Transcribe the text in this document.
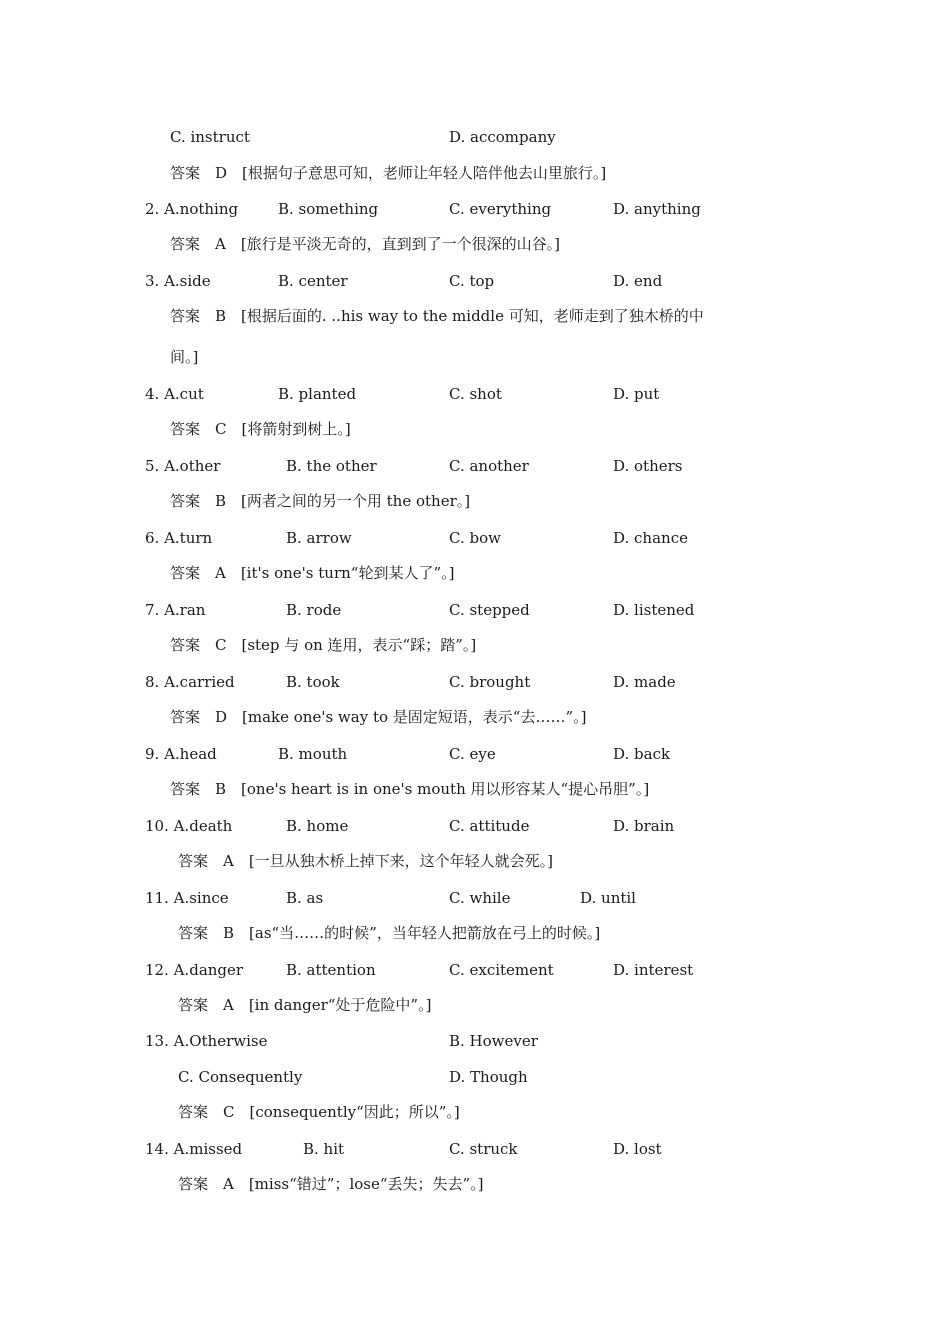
C. instruct	D. accompany
答案　D　[根据句子意思可知，老师让年轻人陪伴他去山里旅行。]
2. A.nothing	B. something	C. everything	D. anything
答案　A　[旅行是平淡无奇的，直到到了一个很深的山谷。]
3. A.side	B. center	C. top	D. end
答案　B　[根据后面的. ..his way to the middle 可知，老师走到了独木桥的中
间。]
4. A.cut	B. planted	C. shot	D. put
答案　C　[将箭射到树上。]
5. A.other	B. the other	C. another	D. others
答案　B　[两者之间的另一个用 the other。]
6. A.turn	B. arrow	C. bow	D. chance
答案　A　[it's one's turn“轮到某人了”。]
7. A.ran	B. rode	C. stepped	D. listened
答案　C　[step 与 on 连用，表示“踩；踏”。]
8. A.carried	B. took	C. brought	D. made
答案　D　[make one's way to 是固定短语，表示“去……”。]
9. A.head	B. mouth	C. eye	D. back
答案　B　[one's heart is in one's mouth 用以形容某人“提心吊胆”。]
10. A.death	B. home	C. attitude	D. brain
答案　A　[一旦从独木桥上掉下来，这个年轻人就会死。]
11. A.since	B. as	C. while	D. until
答案　B　[as“当……的时候”，当年轻人把箭放在弓上的时候。]
12. A.danger	B. attention	C. excitement	D. interest
答案　A　[in danger“处于危险中”。]
13. A.Otherwise	B. However
C. Consequently	D. Though
答案　C　[consequently“因此；所以”。]
14. A.missed	B. hit	C. struck	D. lost
答案　A　[miss“错过”；lose“丢失；失去”。]
